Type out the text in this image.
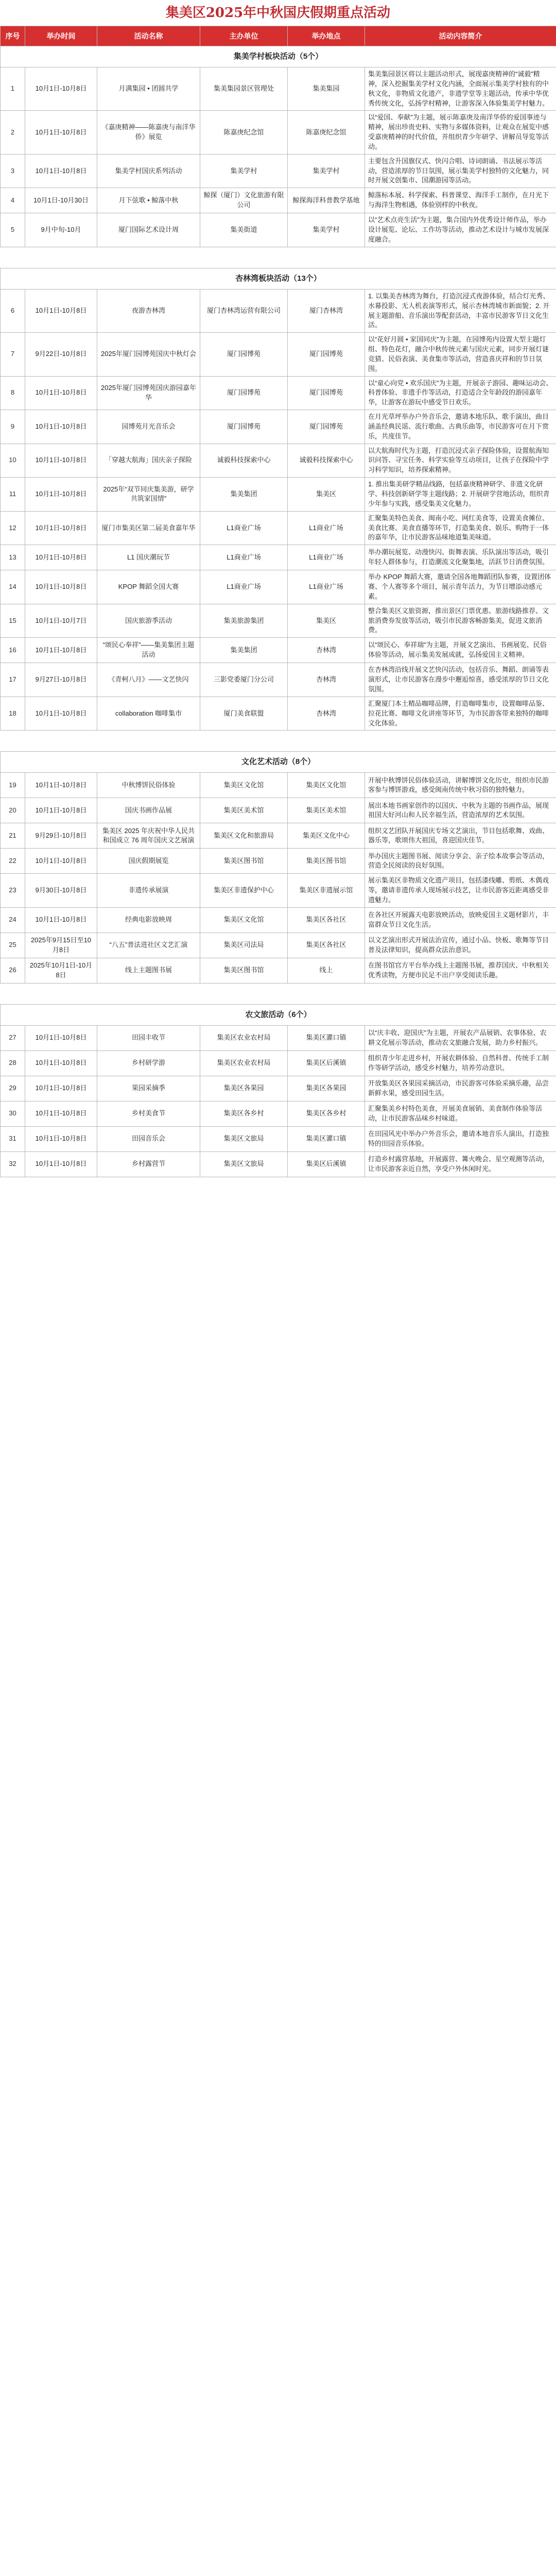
集美区2025年中秋国庆假期重点活动
序号	举办时间	活动名称	主办单位	举办地点	活动内容简介
集美学村板块活动（5个）					
1	10月1日-10月8日	月满集园 • 团圆共学	集美集园景区管理处	集美集园	集美集园景区将以主题活动形式，展现嘉庚精神的“诚毅”精神，深入挖掘集美学村文化内涵，全面展示集美学村独有的中秋文化，非物质文化遗产，非遗学堂等主题活动，传承中华优秀传统文化，弘扬学村精神，让游客深入体验集美学村魅力。
2	10月1日-10月8日	《嘉庚精神——陈嘉庚与南洋华侨》展览	陈嘉庚纪念馆	陈嘉庚纪念馆	以“爱国、奉献”为主题，展示陈嘉庚及南洋华侨的爱国事迹与精神，展出珍贵史料、实物与多媒体资料，让观众在展览中感受嘉庚精神的时代价值，并组织青少年研学、讲解员导览等活动。
3	10月1日-10月8日	集美学村国庆系列活动	集美学村	集美学村	主要包含升国旗仪式、快闪合唱、诗词朗诵、书法展示等活动，营造浓厚的节日氛围，展示集美学村独特的文化魅力，同时开展文创集市、国潮游园等活动。
4	10月1日-10月30日	月下弦歌 • 鲸落中秋	鲸探（厦门）文化旅游有限公司	鲸探海洋科普教学基地	鲸落标本展、科学探索、科普课堂、海洋手工制作，在月光下与海洋生物相遇，体验别样的中秋夜。
5	9月中旬-10月	厦门国际艺术设计周	集美街道	集美学村	以“艺术点亮生活”为主题，集合国内外优秀设计师作品，举办设计展览、论坛、工作坊等活动，推动艺术设计与城市发展深度融合。

杏林湾板块活动（13个）					
6	10月1日-10月8日	夜游杏林湾	厦门杏林湾运营有限公司	厦门杏林湾	1. 以集美杏林湾为舞台，打造沉浸式夜游体验，结合灯光秀、水幕投影、无人机表演等形式，展示杏林湾城市新面貌；2. 开展主题游船、音乐演出等配套活动，丰富市民游客节日文化生活。
7	9月22日-10月8日	2025年厦门园博苑国庆中秋灯会	厦门园博苑	厦门园博苑	以“花好月圆 • 家国同庆”为主题，在园博苑内设置大型主题灯组、特色花灯，融合中秋传统元素与国庆元素，同步开展灯谜竞猜、民俗表演、美食集市等活动，营造喜庆祥和的节日氛围。
8	10月1日-10月8日	2025年厦门园博苑国庆游园嘉年华	厦门园博苑	厦门园博苑	以“童心向党 • 欢乐国庆”为主题，开展亲子游园、趣味运动会、科普体验、非遗手作等活动，打造适合全年龄段的游园嘉年华，让游客在游玩中感受节日欢乐。
9	10月1日-10月8日	园博苑月光音乐会	厦门园博苑	厦门园博苑	在月光草坪举办户外音乐会，邀请本地乐队、歌手演出，曲目涵盖经典民谣、流行歌曲、古典乐曲等，市民游客可在月下赏乐，共度佳节。
10	10月1日-10月8日	「穿越大航海」国庆亲子探险	诚毅科技探索中心	诚毅科技探索中心	以大航海时代为主题，打造沉浸式亲子探险体验，设置航海知识问答、寻宝任务、科学实验等互动项目，让孩子在探险中学习科学知识，培养探索精神。
11	10月1日-10月8日	2025年“双节同庆集美游，研学共筑家国情”	集美集团	集美区	1. 推出集美研学精品线路，包括嘉庚精神研学、非遗文化研学、科技创新研学等主题线路；2. 开展研学营地活动，组织青少年参与实践，感受集美文化魅力。
12	10月1日-10月8日	厦门市集美区第二届美食嘉年华	L1商业广场	L1商业广场	汇聚集美特色美食、闽南小吃、网红美食等，设置美食摊位、美食比赛、美食直播等环节，打造集美食、娱乐、购物于一体的嘉年华，让市民游客品味地道集美味道。
13	10月1日-10月8日	L1 国庆潮玩节	L1商业广场	L1商业广场	举办潮玩展览、动漫快闪、街舞表演、乐队演出等活动，吸引年轻人群体参与，打造潮流文化聚集地，活跃节日消费氛围。
14	10月1日-10月8日	KPOP 舞蹈全国大赛	L1商业广场	L1商业广场	举办 KPOP 舞蹈大赛，邀请全国各地舞蹈团队参赛，设置团体赛、个人赛等多个项目，展示青年活力，为节日增添动感元素。
15	10月1日-10月7日	国庆旅游季活动	集美旅游集团	集美区	整合集美区文旅资源，推出景区门票优惠、旅游线路推荐、文旅消费券发放等活动，吸引市民游客畅游集美，促进文旅消费。
16	10月1日-10月8日	“颂民心奉祥”——集美集团主题活动	集美集团	杏林湾	以“颂民心、奉祥瑞”为主题，开展文艺演出、书画展览、民俗体验等活动，展示集美发展成就，弘扬爱国主义精神。
17	9月27日-10月8日	《青柯八月》——文艺快闪	三影党委厦门分公司	杏林湾	在杏林湾沿线开展文艺快闪活动，包括音乐、舞蹈、朗诵等表演形式，让市民游客在漫步中邂逅惊喜，感受浓厚的节日文化氛围。
18	10月1日-10月8日	collaboration 咖啡集市	厦门美食联盟	杏林湾	汇聚厦门本土精品咖啡品牌，打造咖啡集市，设置咖啡品鉴、拉花比赛、咖啡文化讲座等环节，为市民游客带来独特的咖啡文化体验。

文化艺术活动（8个）					
19	10月1日-10月8日	中秋博饼民俗体验	集美区文化馆	集美区文化馆	开展中秋博饼民俗体验活动，讲解博饼文化历史，组织市民游客参与博饼游戏，感受闽南传统中秋习俗的独特魅力。
20	10月1日-10月8日	国庆书画作品展	集美区美术馆	集美区美术馆	展出本地书画家创作的以国庆、中秋为主题的书画作品，展现祖国大好河山和人民幸福生活，营造浓厚的艺术氛围。
21	9月29日-10月8日	集美区 2025 年庆祝中华人民共和国成立 76 周年国庆文艺展演	集美区文化和旅游局	集美区文化中心	组织文艺团队开展国庆专场文艺演出，节目包括歌舞、戏曲、器乐等，歌颂伟大祖国，喜迎国庆佳节。
22	10月1日-10月8日	国庆假期展览	集美区图书馆	集美区图书馆	举办国庆主题图书展、阅读分享会、亲子绘本故事会等活动，营造全民阅读的良好氛围。
23	9月30日-10月8日	非遗传承展演	集美区非遗保护中心	集美区非遗展示馆	展示集美区非物质文化遗产项目，包括漆线雕、剪纸、木偶戏等，邀请非遗传承人现场展示技艺，让市民游客近距离感受非遗魅力。
24	10月1日-10月8日	经典电影放映周	集美区文化馆	集美区各社区	在各社区开展露天电影放映活动，放映爱国主义题材影片，丰富群众节日文化生活。
25	2025年9月15日至10月8日	“八五”普法进社区文艺汇演	集美区司法局	集美区各社区	以文艺演出形式开展法治宣传，通过小品、快板、歌舞等节目普及法律知识，提高群众法治意识。
26	2025年10月1日-10月8日	线上主题图书展	集美区图书馆	线上	在图书馆官方平台举办线上主题图书展，推荐国庆、中秋相关优秀读物，方便市民足不出户享受阅读乐趣。

农文旅活动（6个）					
27	10月1日-10月8日	田园丰收节	集美区农业农村局	集美区灌口镇	以“庆丰收、迎国庆”为主题，开展农产品展销、农事体验、农耕文化展示等活动，推动农文旅融合发展，助力乡村振兴。
28	10月1日-10月8日	乡村研学游	集美区农业农村局	集美区后溪镇	组织青少年走进乡村，开展农耕体验、自然科普、传统手工制作等研学活动，感受乡村魅力，培养劳动意识。
29	10月1日-10月8日	果园采摘季	集美区各果园	集美区各果园	开放集美区各果园采摘活动，市民游客可体验采摘乐趣，品尝新鲜水果，感受田园生活。
30	10月1日-10月8日	乡村美食节	集美区各乡村	集美区各乡村	汇聚集美乡村特色美食，开展美食展销、美食制作体验等活动，让市民游客品味乡村味道。
31	10月1日-10月8日	田园音乐会	集美区文旅局	集美区灌口镇	在田园风光中举办户外音乐会，邀请本地音乐人演出，打造独特的田园音乐体验。
32	10月1日-10月8日	乡村露营节	集美区文旅局	集美区后溪镇	打造乡村露营基地，开展露营、篝火晚会、星空观测等活动，让市民游客亲近自然，享受户外休闲时光。
